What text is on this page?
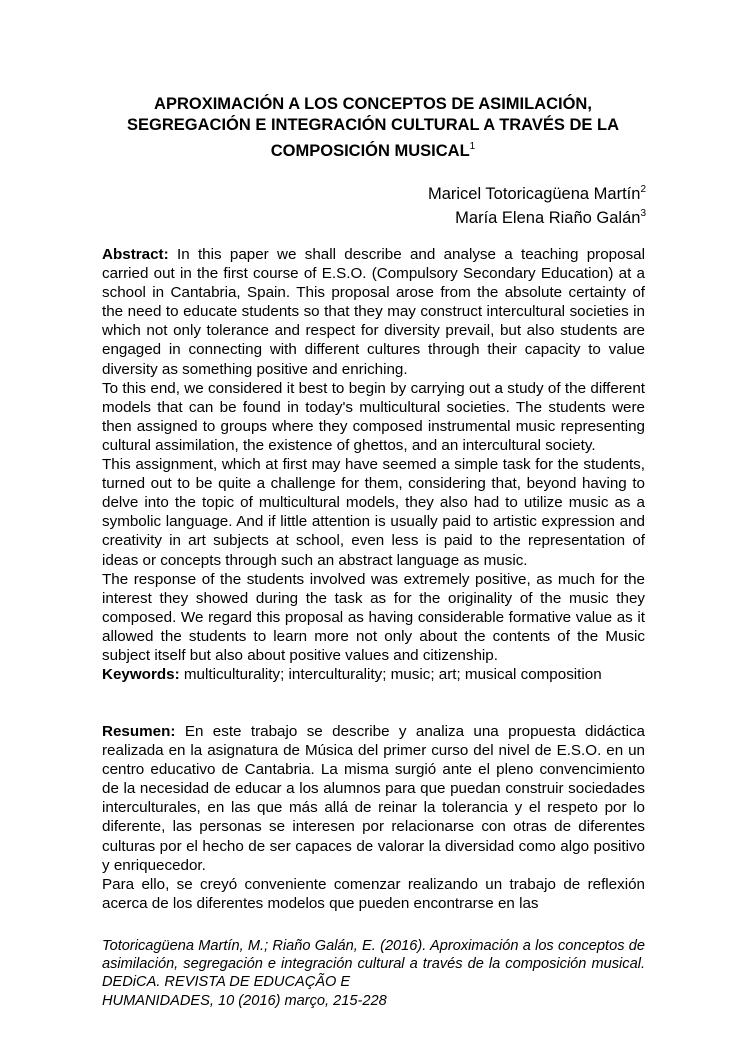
APROXIMACIÓN A LOS CONCEPTOS DE ASIMILACIÓN,
SEGREGACIÓN E INTEGRACIÓN CULTURAL A TRAVÉS DE LA
COMPOSICIÓN MUSICAL$^1$
Maricel Totoricagüena Martín$^2$
María Elena Riaño Galán$^3$

Abstract: In this paper we shall describe and analyse a teaching proposal carried out in the first course of E.S.O. (Compulsory Secondary Education) at a school in Cantabria, Spain. This proposal arose from the absolute certainty of the need to educate students so that they may construct intercultural societies in which not only tolerance and respect for diversity prevail, but also students are engaged in connecting with different cultures through their capacity to value diversity as something positive and enriching.

To this end, we considered it best to begin by carrying out a study of the different models that can be found in today's multicultural societies. The students were then assigned to groups where they composed instrumental music representing cultural assimilation, the existence of ghettos, and an intercultural society.

This assignment, which at first may have seemed a simple task for the students, turned out to be quite a challenge for them, considering that, beyond having to delve into the topic of multicultural models, they also had to utilize music as a symbolic language. And if little attention is usually paid to artistic expression and creativity in art subjects at school, even less is paid to the representation of ideas or concepts through such an abstract language as music.

The response of the students involved was extremely positive, as much for the interest they showed during the task as for the originality of the music they composed. We regard this proposal as having considerable formative value as it allowed the students to learn more not only about the contents of the Music subject itself but also about positive values and citizenship.

Keywords: multiculturality; interculturality; music; art; musical composition

Resumen: En este trabajo se describe y analiza una propuesta didáctica realizada en la asignatura de Música del primer curso del nivel de E.S.O. en un centro educativo de Cantabria. La misma surgió ante el pleno convencimiento de la necesidad de educar a los alumnos para que puedan construir sociedades interculturales, en las que más allá de reinar la tolerancia y el respeto por lo diferente, las personas se interesen por relacionarse con otras de diferentes culturas por el hecho de ser capaces de valorar la diversidad como algo positivo y enriquecedor.

Para ello, se creyó conveniente comenzar realizando un trabajo de reflexión acerca de los diferentes modelos que pueden encontrarse en las

Totoricagüena Martín, M.; Riaño Galán, E. (2016). Aproximación a los conceptos de asimilación, segregación e integración cultural a través de la composición musical. DEDiCA. REVISTA DE EDUCAÇÃO E
HUMANIDADES, 10 (2016) março, 215-228
